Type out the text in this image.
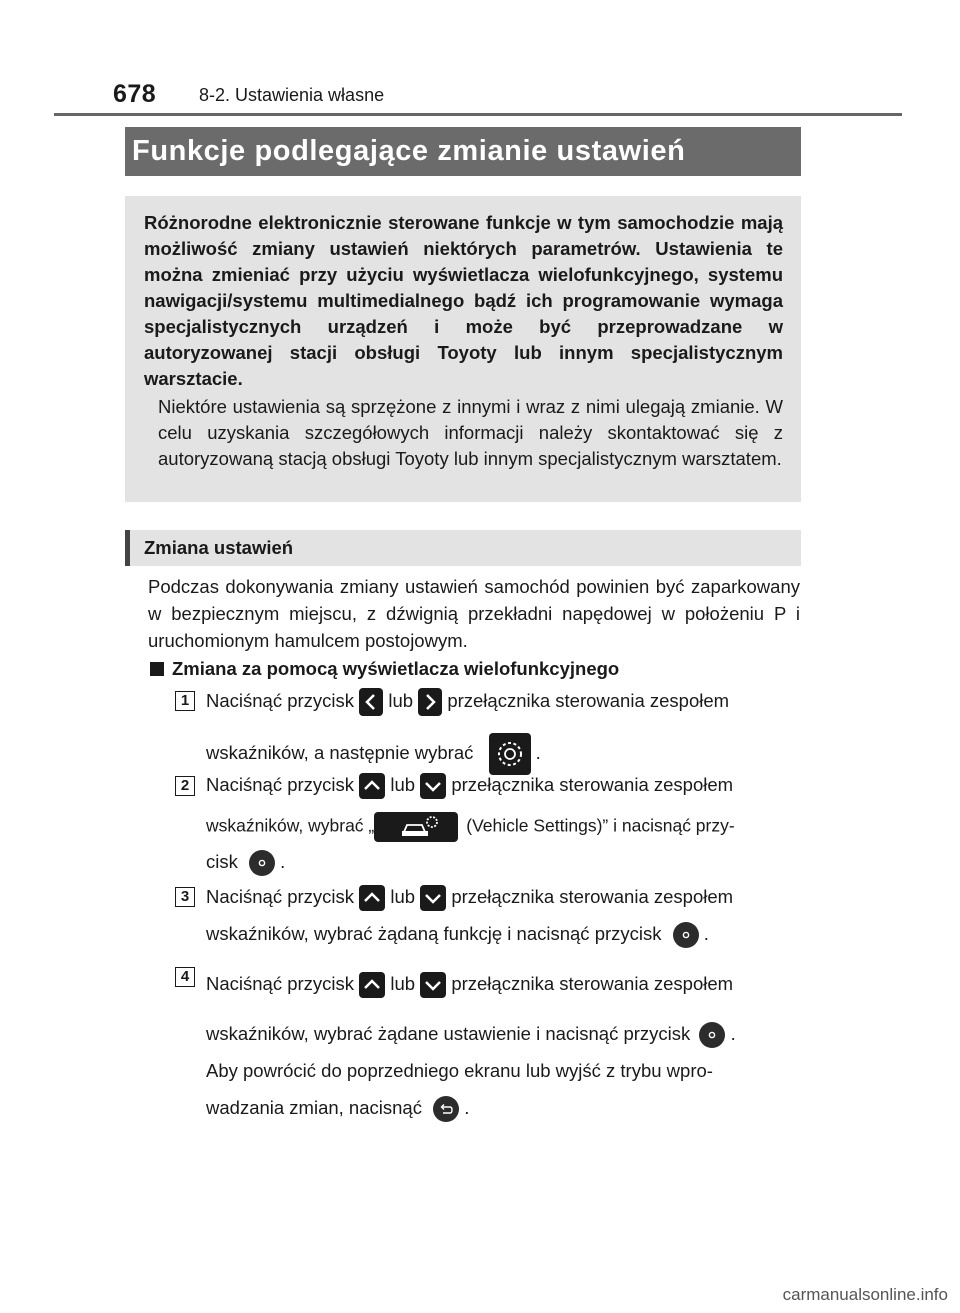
678 8-2. Ustawienia własne
Funkcje podlegające zmianie ustawień
Różnorodne elektronicznie sterowane funkcje w tym samochodzie mają możliwość zmiany ustawień niektórych parametrów. Ustawienia te można zmieniać przy użyciu wyświetlacza wielofunkcyjnego, systemu nawigacji/systemu multimedialnego bądź ich programowanie wymaga specjalistycznych urządzeń i może być przeprowadzane w autoryzowanej stacji obsługi Toyoty lub innym specjalistycznym warsztacie.
Niektóre ustawienia są sprzężone z innymi i wraz z nimi ulegają zmianie. W celu uzyskania szczegółowych informacji należy skontaktować się z autoryzowaną stacją obsługi Toyoty lub innym specjalistycznym warsztatem.
Zmiana ustawień
Podczas dokonywania zmiany ustawień samochód powinien być zaparkowany w bezpiecznym miejscu, z dźwignią przekładni napędowej w położeniu P i uruchomionym hamulcem postojowym.
Zmiana za pomocą wyświetlacza wielofunkcyjnego
1 Naciśnąć przycisk lub przełącznika sterowania zespołem
wskaźników, a następnie wybrać	.
2 Naciśnąć przycisk lub przełącznika sterowania zespołem
wskaźników, wybrać „	(Vehicle Settings)” i nacisnąć przy-
cisk .
3 Naciśnąć przycisk lub przełącznika sterowania zespołem
wskaźników, wybrać żądaną funkcję i nacisnąć przycisk .
4 Naciśnąć przycisk lub przełącznika sterowania zespołem
wskaźników, wybrać żądane ustawienie i nacisnąć przycisk .
Aby powrócić do poprzedniego ekranu lub wyjść z trybu wpro-
wadzania zmian, nacisnąć .
carmanualsonline.info
